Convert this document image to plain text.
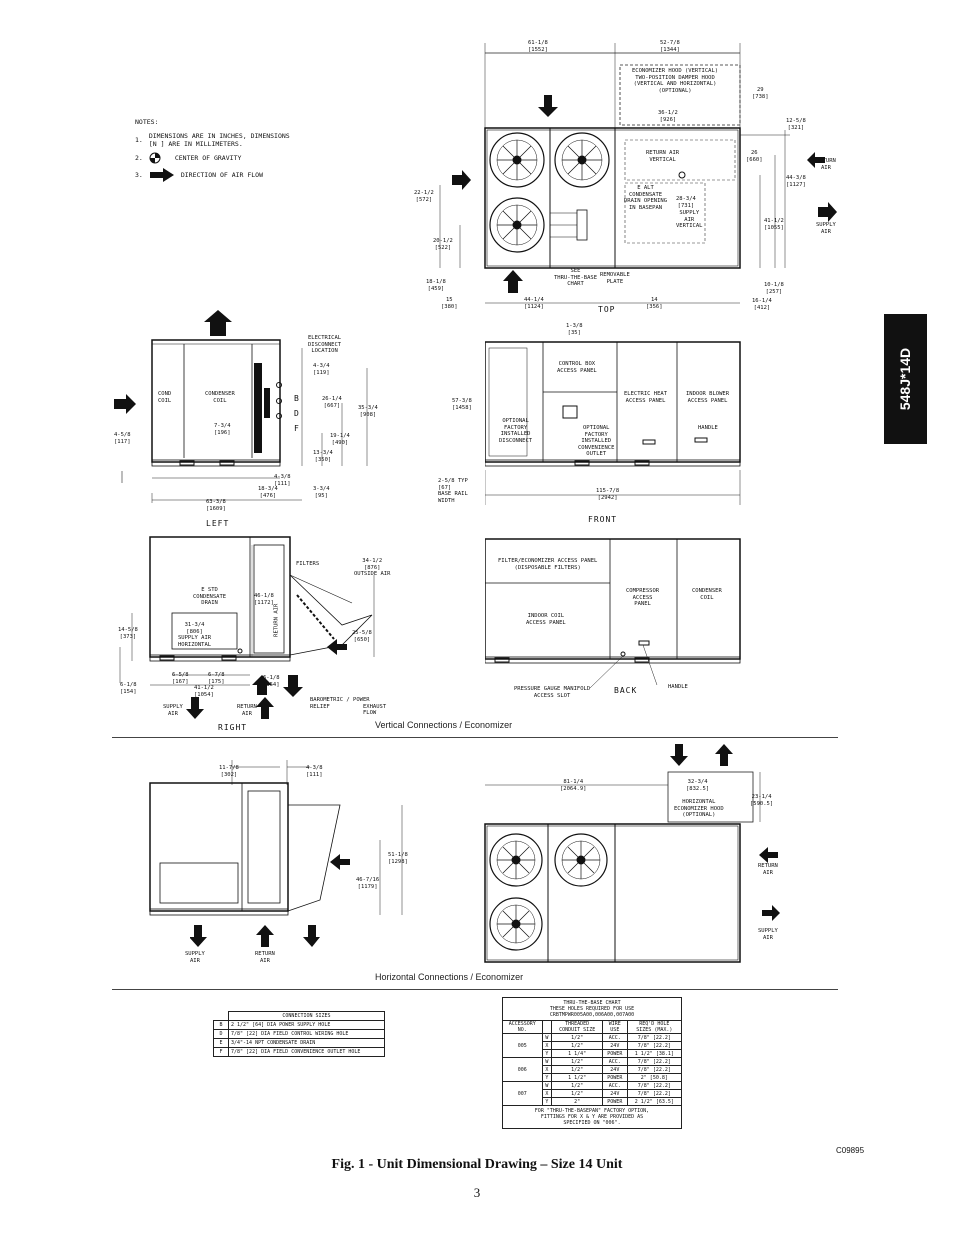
NOTES:
1. DIMENSIONS ARE IN INCHES, DIMENSIONS
[N ] ARE IN MILLIMETERS.
2.	CENTER OF GRAVITY
3.	DIRECTION OF AIR FLOW
548J*14D
61-1/8
[1552]
52-7/8
[1344]
29
[738]
ECONOMIZER HOOD (VERTICAL)
TWO-POSITION DAMPER HOOD
(VERTICAL AND HORIZONTAL)
(OPTIONAL)
36-1/2
[926]	12-5/8
[321]
26
[660]
RETURN AIR
VERTICAL
E ALT
CONDENSATE
DRAIN OPENING
IN BASEPAN
28-3/4
[731]
SUPPLY
AIR
VERTICAL
44-3/8
[1127]
41-1/2
[1055]
RETURN
AIR
SUPPLY
AIR
22-1/2
[572]
20-1/2
[522]
18-1/8
[459]
15
[380]
44-1/4
[1124]
SEE
THRU-THE-BASE
CHART
REMOVABLE
PLATE
14
[356]
10-1/8
[257]
16-1/4
[412]
TOP
COND
COIL
CONDENSER
COIL
ELECTRICAL
DISCONNECT
LOCATION
B
D
F
4-3/4
[119]
26-1/4
[667]	35-3/4
[908]
19-1/4
[490]
13-3/4
[350]
7-3/4
[196]
4-5/8
[117]
4-3/8
[111]
18-3/4
[476]
3-3/4
[95]
63-3/8
[1609]
LEFT
1-3/8
[35]
57-3/8
[1458]
CONTROL BOX
ACCESS PANEL
ELECTRIC HEAT
ACCESS PANEL
INDOOR BLOWER
ACCESS PANEL
HANDLE
OPTIONAL
FACTORY
INSTALLED
DISCONNECT
OPTIONAL
FACTORY
INSTALLED
CONVENIENCE
OUTLET
2-5/8 TYP
[67]
BASE RAIL
WIDTH
115-7/8
[2942]
FRONT
FILTERS	34-1/2
[876]
OUTSIDE AIR
E STD
CONDENSATE
DRAIN
31-3/4
[806]
SUPPLY AIR
HORIZONTAL
46-1/8
[1172]
RETURN AIR	25-5/8
[650]
14-5/8
[373]
6-1/8
[154]
6-5/8
[167]
6-7/8
[175]
41-1/2
[1054]
6-1/8
[154]
BAROMETRIC / POWER
RELIEF          EXHAUST
FLOW
SUPPLY
AIR
RETURN
AIR
RIGHT
FILTER/ECONOMIZER ACCESS PANEL
(DISPOSABLE FILTERS)
INDOOR COIL
ACCESS PANEL
COMPRESSOR
ACCESS
PANEL
CONDENSER
COIL
PRESSURE GAUGE MANIFOLD
ACCESS SLOT
HANDLE
BACK
Vertical Connections / Economizer
11-7/8
[302]
4-3/8
[111]
51-1/8
[1298]
46-7/16
[1179]
SUPPLY
AIR
RETURN
AIR
81-1/4
[2064.9]
32-3/4
[832.5]
23-1/4
[590.5]
HORIZONTAL
ECONOMIZER HOOD
(OPTIONAL)
RETURN
AIR
SUPPLY
AIR
Horizontal Connections / Economizer
	CONNECTION SIZES
B	2 1/2" [64] DIA POWER SUPPLY HOLE
D	7/8" [22] DIA FIELD CONTROL WIRING HOLE
E	3/4"-14 NPT CONDENSATE DRAIN
F	7/8" [22] DIA FIELD CONVENIENCE OUTLET HOLE
THRU-THE-BASE CHART
THESE HOLES REQUIRED FOR USE
CRBTMPWR005A00,006A00,007A00				
ACCESSORY
NO.		THREADED
CONDUIT SIZE	WIRE
USE	REQ'D HOLE
SIZES (MAX.)
005	W	1/2"	ACC.	7/8" [22.2]
	X	1/2"	24V	7/8" [22.2]
	Y	1 1/4"	POWER	1 1/2" [38.1]
006	W	1/2"	ACC.	7/8" [22.2]
	X	1/2"	24V	7/8" [22.2]
	Y	1 1/2"	POWER	2" [50.8]
007	W	1/2"	ACC.	7/8" [22.2]
	X	1/2"	24V	7/8" [22.2]
	Y	2"	POWER	2 1/2" [63.5]
FOR "THRU-THE-BASEPAN" FACTORY OPTION,
FITTINGS FOR X & Y ARE PROVIDED AS
SPECIFIED ON "006".				
C09895
Fig. 1 - Unit Dimensional Drawing – Size 14 Unit
3
